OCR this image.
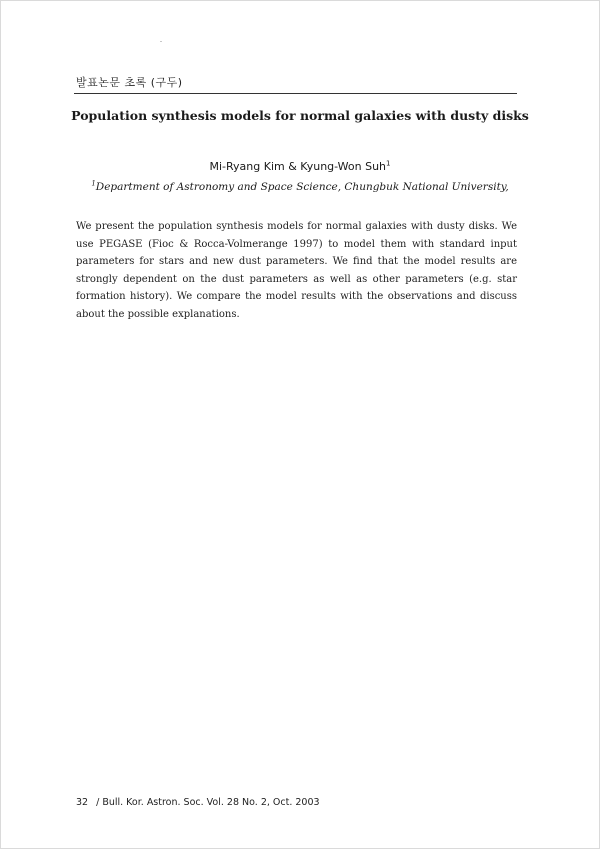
발표논문 초록 (구두)
Population synthesis models for normal galaxies with dusty disks
Mi-Ryang Kim & Kyung-Won Suh$^1$
$^1$Department of Astronomy and Space Science, Chungbuk National University,

We present the population synthesis models for normal galaxies with dusty disks. We use PEGASE (Fioc & Rocca-Volmerange 1997) to model them with standard input parameters for stars and new dust parameters. We find that the model results are strongly dependent on the dust parameters as well as other parameters (e.g. star formation history). We compare the model results with the observations and discuss about the possible explanations.

32 / Bull. Kor. Astron. Soc. Vol. 28 No. 2, Oct. 2003
